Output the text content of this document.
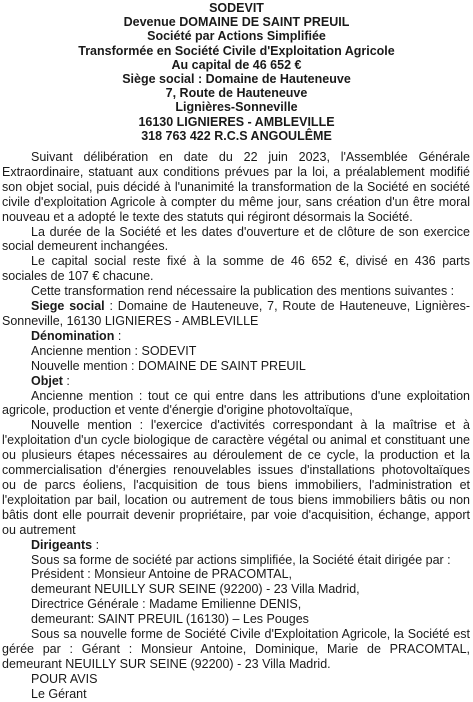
SODEVIT
Devenue DOMAINE DE SAINT PREUIL
Société par Actions Simplifiée
Transformée en Société Civile d'Exploitation Agricole
Au capital de 46 652 €
Siège social : Domaine de Hauteneuve
7, Route de Hauteneuve
Lignières-Sonneville
16130 LIGNIERES - AMBLEVILLE
318 763 422 R.C.S ANGOULÊME

Suivant délibération en date du 22 juin 2023, l'Assemblée Générale Extraordinaire, statuant aux conditions prévues par la loi, a préalablement modifié son objet social, puis décidé à l'unanimité la transformation de la Société en société civile d'exploitation Agricole à compter du même jour, sans création d'un être moral nouveau et a adopté le texte des statuts qui régiront désormais la Société.

La durée de la Société et les dates d'ouverture et de clôture de son exercice social demeurent inchangées.

Le capital social reste fixé à la somme de 46 652 €, divisé en 436 parts sociales de 107 € chacune.

Cette transformation rend nécessaire la publication des mentions suivantes :

Siege social : Domaine de Hauteneuve, 7, Route de Hauteneuve, Lignières-Sonneville, 16130 LIGNIERES - AMBLEVILLE

Dénomination :

Ancienne mention : SODEVIT

Nouvelle mention : DOMAINE DE SAINT PREUIL

Objet :

Ancienne mention : tout ce qui entre dans les attributions d'une exploitation agricole, production et vente d'énergie d'origine photovoltaïque,

Nouvelle mention : l'exercice d'activités correspondant à la maîtrise et à l'exploitation d'un cycle biologique de caractère végétal ou animal et constituant une ou plusieurs étapes nécessaires au déroulement de ce cycle, la production et la commercialisation d'énergies renouvelables issues d'installations photovoltaïques ou de parcs éoliens, l'acquisition de tous biens immobiliers, l'administration et l'exploitation par bail, location ou autrement de tous biens immobiliers bâtis ou non bâtis dont elle pourrait devenir propriétaire, par voie d'acquisition, échange, apport ou autrement

Dirigeants :

Sous sa forme de société par actions simplifiée, la Société était dirigée par :

Président : Monsieur Antoine de PRACOMTAL,

demeurant NEUILLY SUR SEINE (92200) - 23 Villa Madrid,

Directrice Générale : Madame Emilienne DENIS,

demeurant: SAINT PREUIL (16130) – Les Pouges

Sous sa nouvelle forme de Société Civile d'Exploitation Agricole, la Société est gérée par : Gérant : Monsieur Antoine, Dominique, Marie de PRACOMTAL, demeurant NEUILLY SUR SEINE (92200) - 23 Villa Madrid.

POUR AVIS

Le Gérant
